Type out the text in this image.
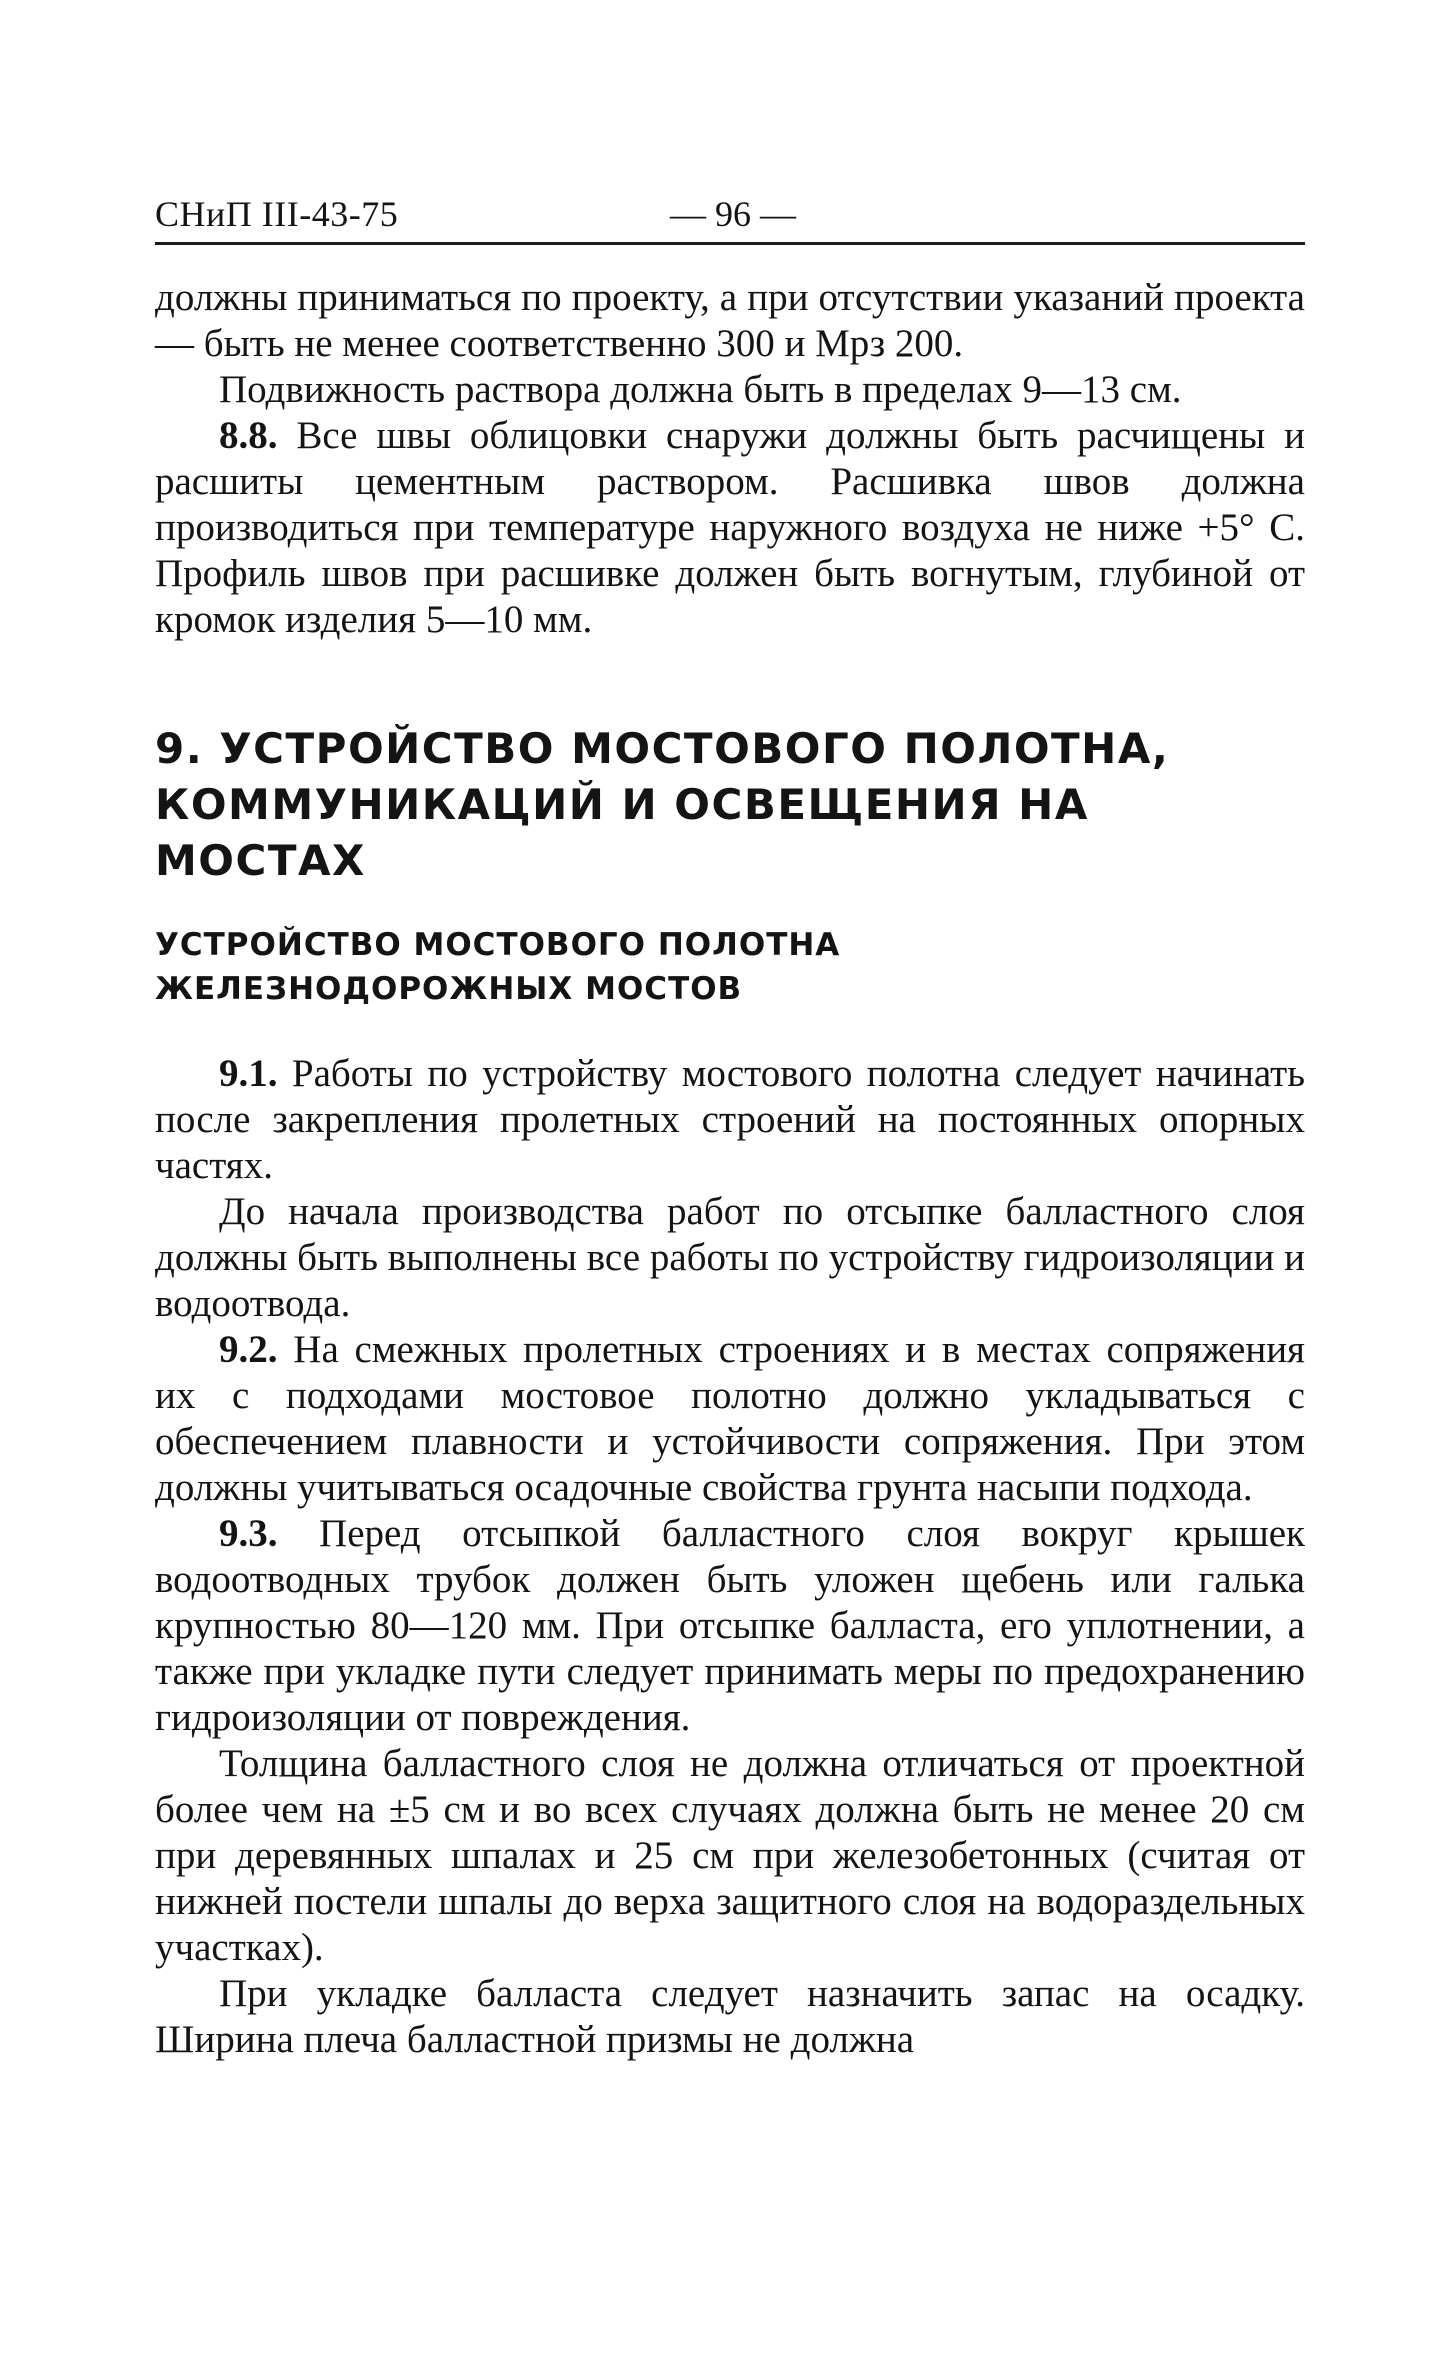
СНиП III-43-75	— 96 —

должны приниматься по проекту, а при отсутствии указаний проекта — быть не менее соответственно 300 и Мрз 200.

Подвижность раствора должна быть в пределах 9—13 см.

8.8. Все швы облицовки снаружи должны быть расчищены и расшиты цементным раствором. Расшивка швов должна производиться при температуре наружного воздуха не ниже +5° С. Профиль швов при расшивке должен быть вогнутым, глубиной от кромок изделия 5—10 мм.

9. УСТРОЙСТВО МОСТОВОГО ПОЛОТНА, КОММУНИКАЦИЙ И ОСВЕЩЕНИЯ НА МОСТАХ
УСТРОЙСТВО МОСТОВОГО ПОЛОТНА
ЖЕЛЕЗНОДОРОЖНЫХ МОСТОВ

9.1. Работы по устройству мостового полотна следует начинать после закрепления пролетных строений на постоянных опорных частях.

До начала производства работ по отсыпке балластного слоя должны быть выполнены все работы по устройству гидроизоляции и водоотвода.

9.2. На смежных пролетных строениях и в местах сопряжения их с подходами мостовое полотно должно укладываться с обеспечением плавности и устойчивости сопряжения. При этом должны учитываться осадочные свойства грунта насыпи подхода.

9.3. Перед отсыпкой балластного слоя вокруг крышек водоотводных трубок должен быть уложен щебень или галька крупностью 80—120 мм. При отсыпке балласта, его уплотнении, а также при укладке пути следует принимать меры по предохранению гидроизоляции от повреждения.

Толщина балластного слоя не должна отличаться от проектной более чем на ±5 см и во всех случаях должна быть не менее 20 см при деревянных шпалах и 25 см при железобетонных (считая от нижней постели шпалы до верха защитного слоя на водораздельных участках).

При укладке балласта следует назначить запас на осадку. Ширина плеча балластной призмы не должна
